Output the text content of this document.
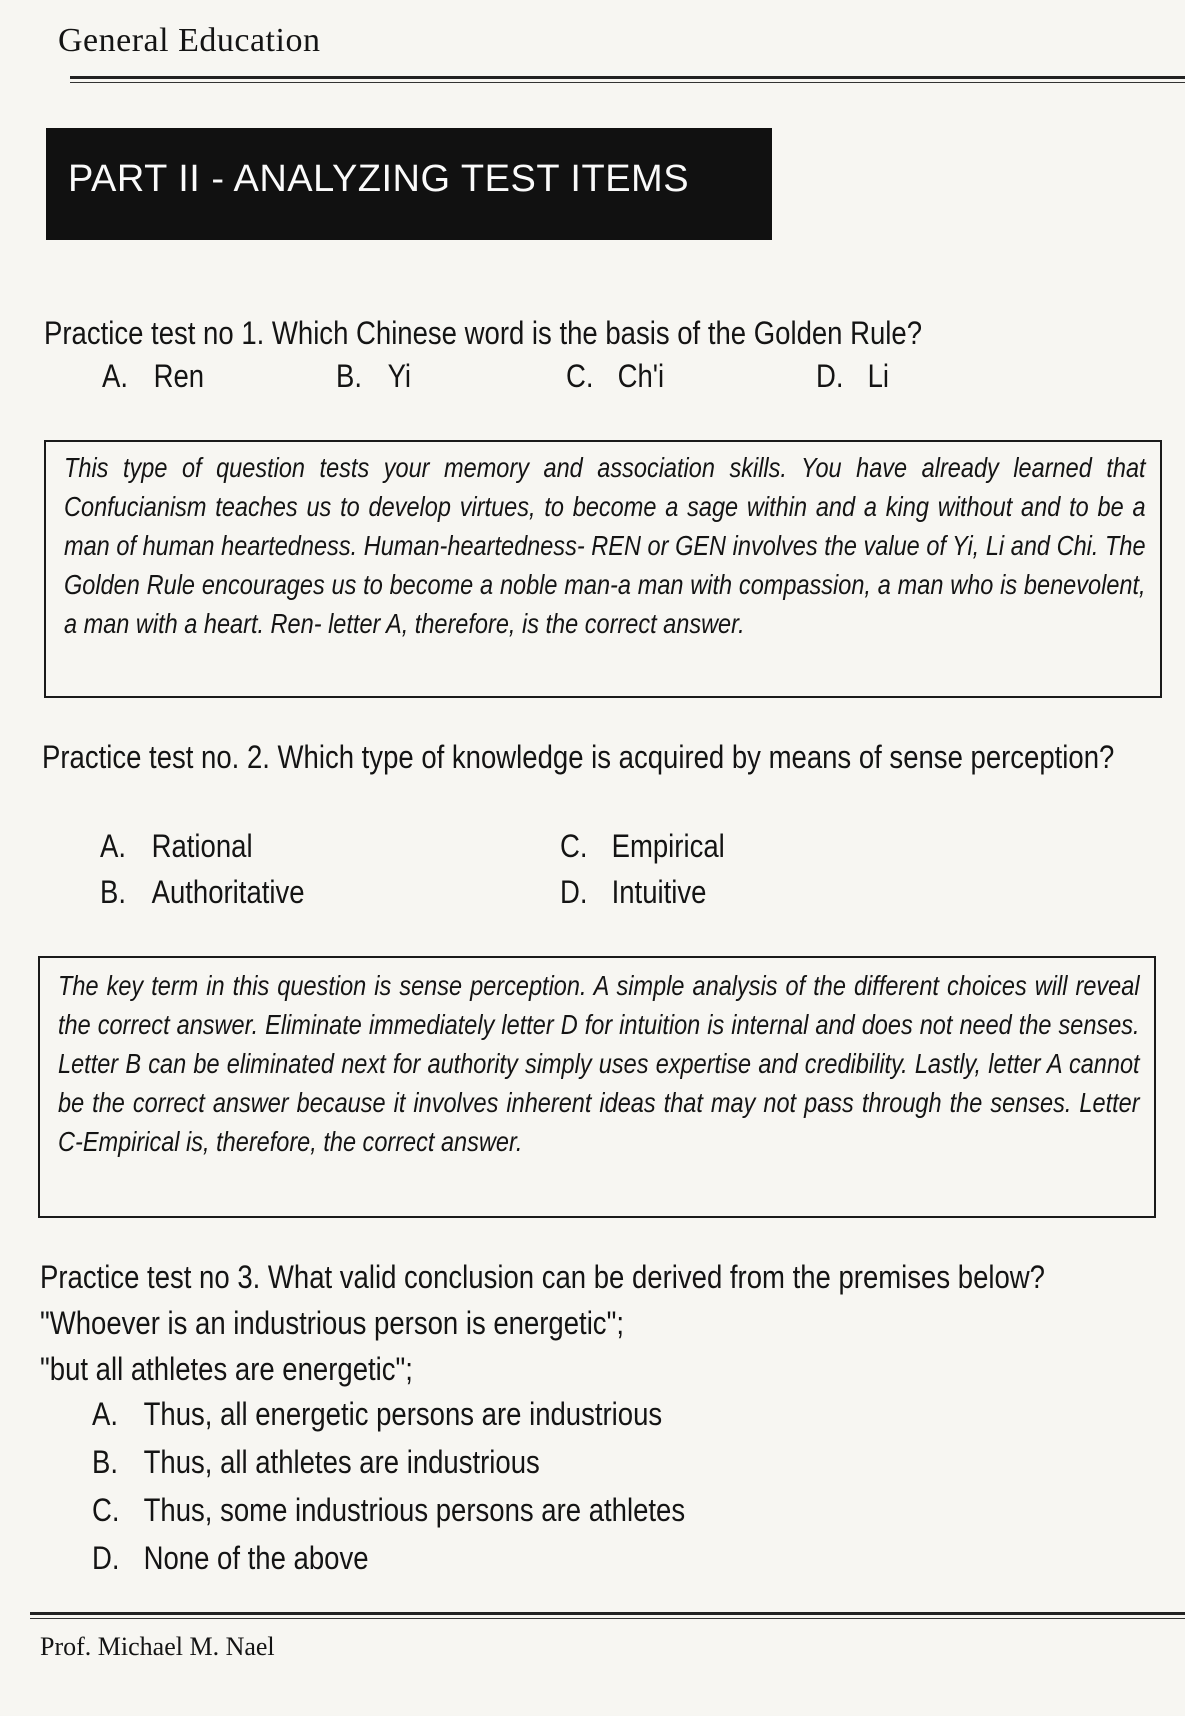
General Education
PART II - ANALYZING TEST ITEMS
Practice test no 1. Which Chinese word is the basis of the Golden Rule?
A. Ren	B. Yi	C. Ch'i	D. Li

This type of question tests your memory and association skills. You have already learned that Confucianism teaches us to develop virtues, to become a sage within and a king without and to be a man of human heartedness. Human-heartedness- REN or GEN involves the value of Yi, Li and Chi. The Golden Rule encourages us to become a noble man-a man with compassion, a man who is benevolent, a man with a heart. Ren- letter A, therefore, is the correct answer.

Practice test no. 2. Which type of knowledge is acquired by means of sense perception?
A. Rational
B. Authoritative
C. Empirical
D. Intuitive

The key term in this question is sense perception. A simple analysis of the different choices will reveal the correct answer. Eliminate immediately letter D for intuition is internal and does not need the senses. Letter B can be eliminated next for authority simply uses expertise and credibility. Lastly, letter A cannot be the correct answer because it involves inherent ideas that may not pass through the senses. Letter C-Empirical is, therefore, the correct answer.

Practice test no 3. What valid conclusion can be derived from the premises below?
"Whoever is an industrious person is energetic";
"but all athletes are energetic";
A. Thus, all energetic persons are industrious
B. Thus, all athletes are industrious
C. Thus, some industrious persons are athletes
D. None of the above
Prof. Michael M. Nael
